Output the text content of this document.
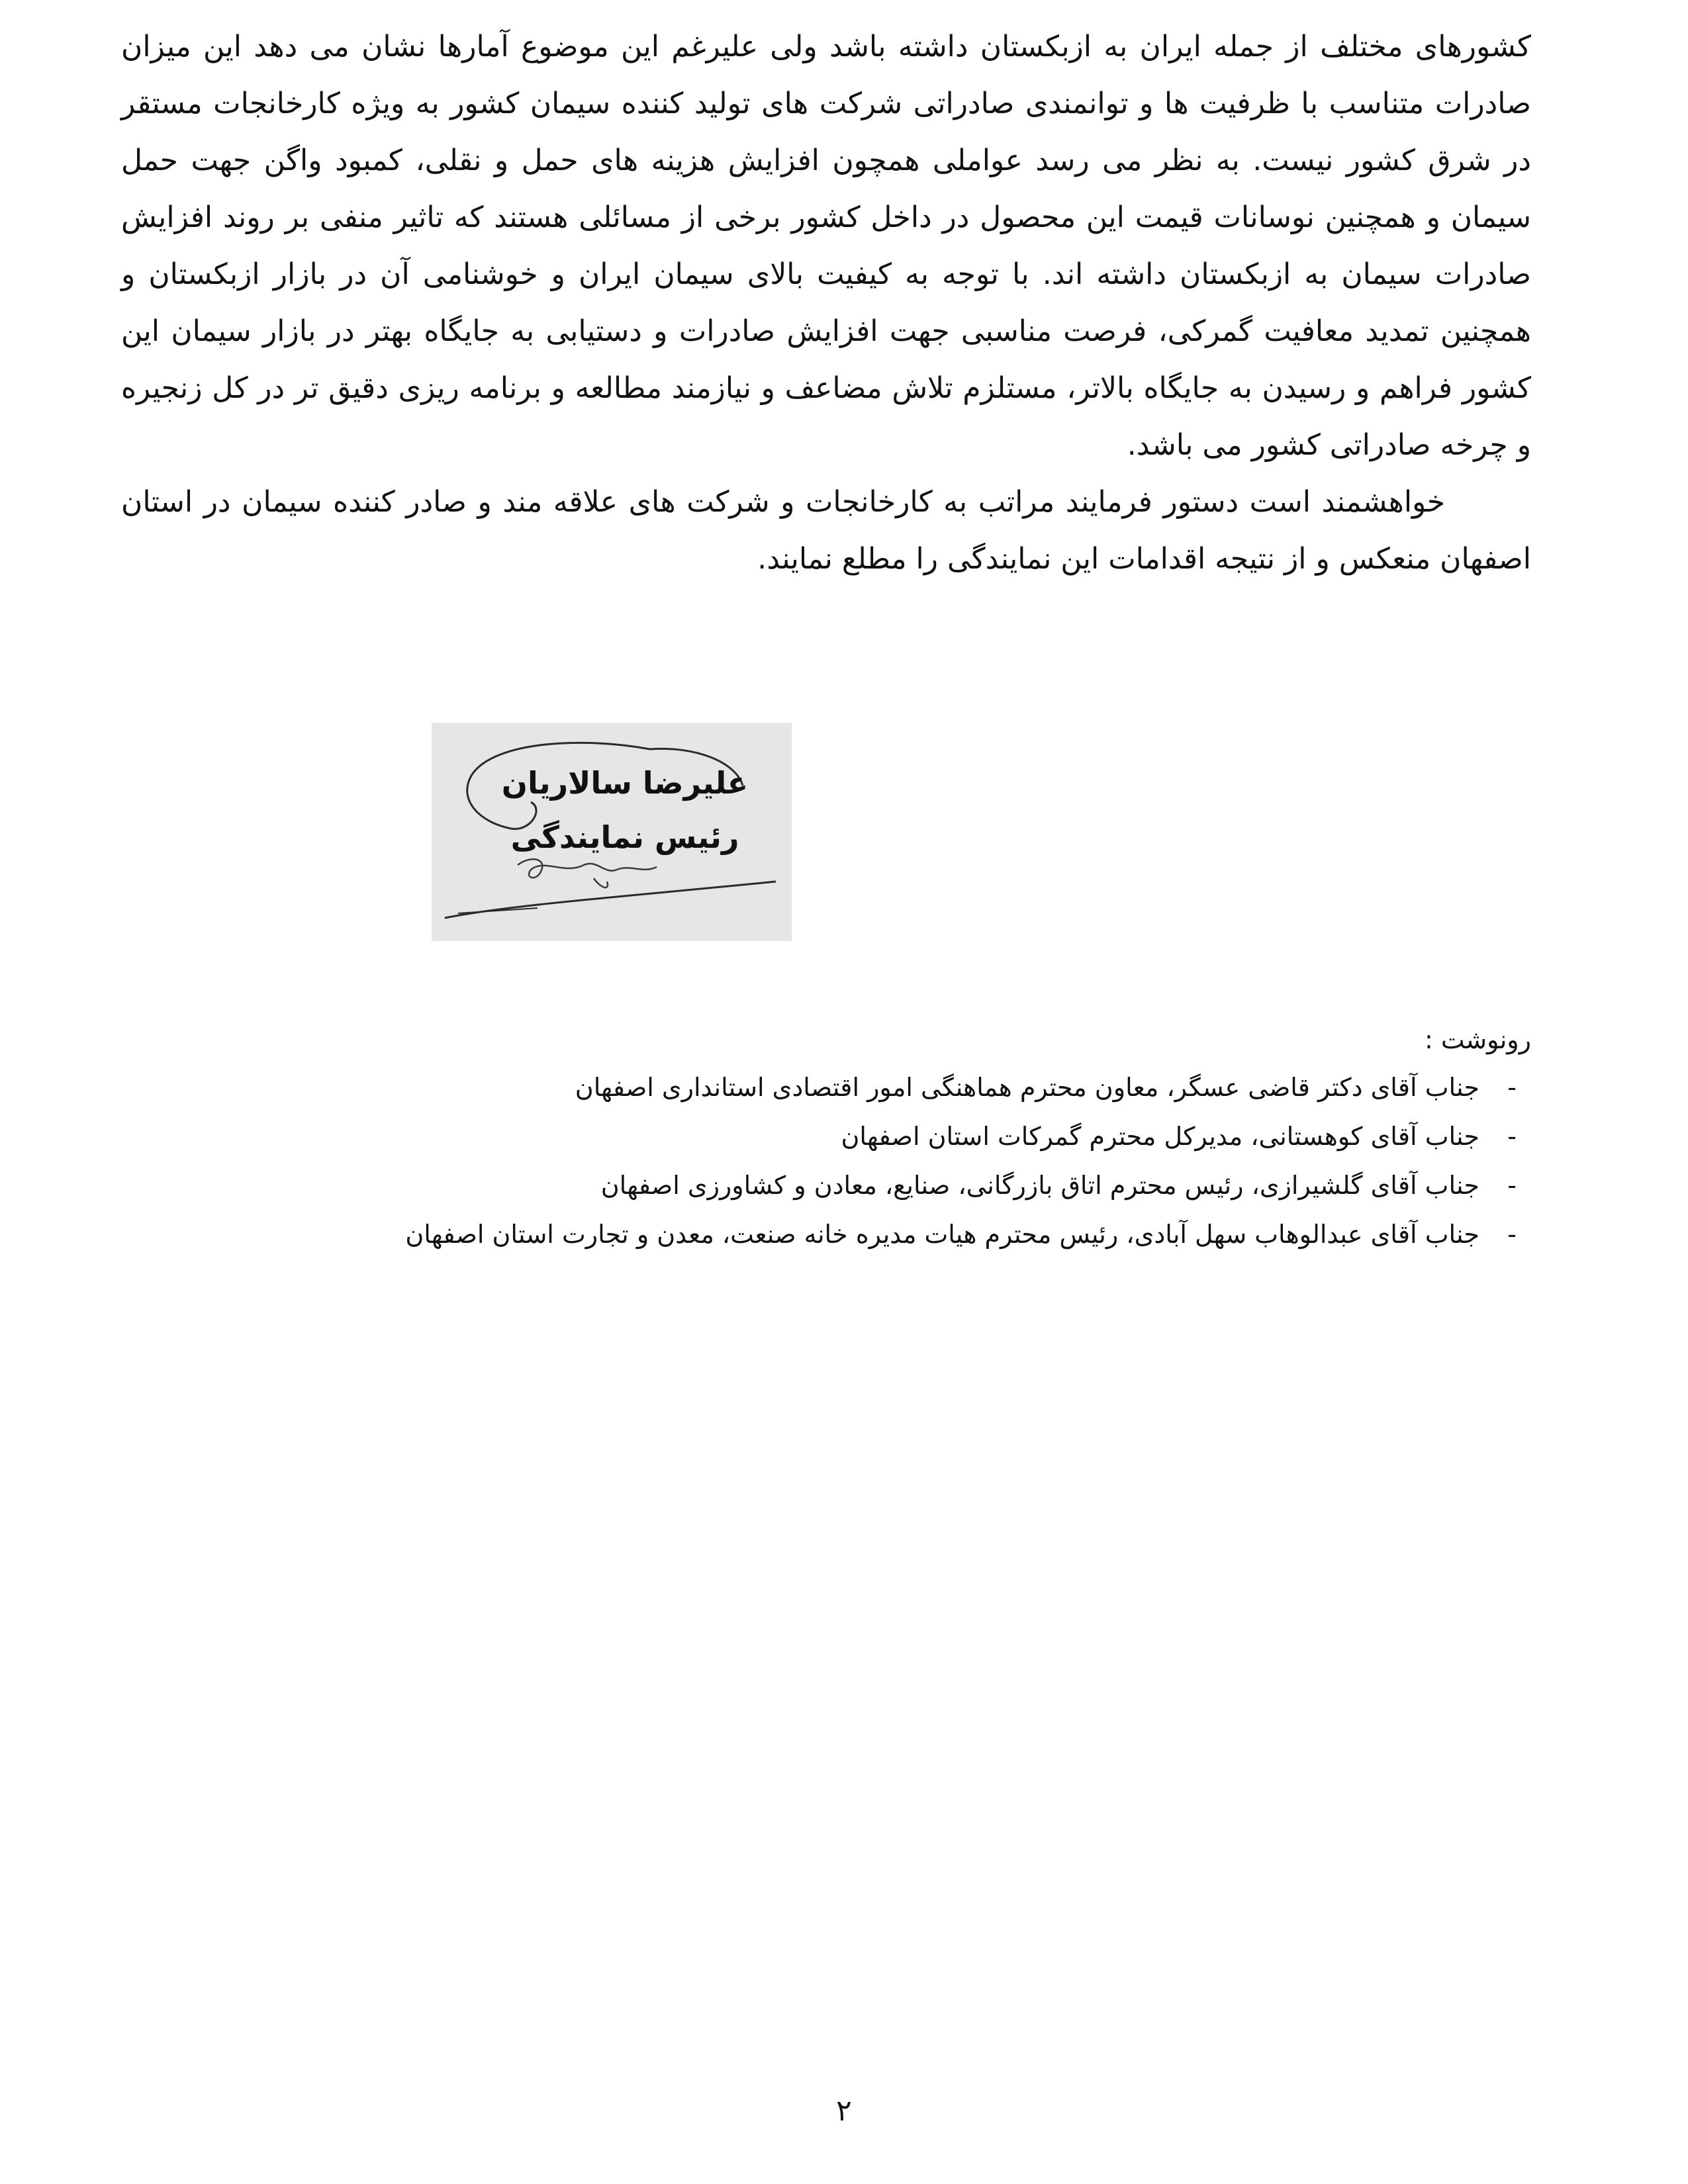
کشورهای مختلف از جمله ایران به ازبکستان داشته باشد ولی علیرغم این موضوع آمارها نشان می دهد این میزان صادرات متناسب با ظرفیت ها و توانمندی صادراتی شرکت های تولید کننده سیمان کشور به ویژه کارخانجات مستقر در شرق کشور نیست. به نظر می رسد عواملی همچون افزایش هزینه های حمل و نقلی، کمبود واگن جهت حمل سیمان و همچنین نوسانات قیمت این محصول در داخل کشور برخی از مسائلی هستند که تاثیر منفی بر روند افزایش صادرات سیمان به ازبکستان داشته اند. با توجه به کیفیت بالای سیمان ایران و خوشنامی آن در بازار ازبکستان و همچنین تمدید معافیت گمرکی، فرصت مناسبی جهت افزایش صادرات و دستیابی به جایگاه بهتر در بازار سیمان این کشور فراهم و رسیدن به جایگاه بالاتر، مستلزم تلاش مضاعف و نیازمند مطالعه و برنامه ریزی دقیق تر در کل زنجیره و چرخه صادراتی کشور می باشد.

خواهشمند است دستور فرمایند مراتب به کارخانجات و شرکت های علاقه مند و صادر کننده سیمان در استان اصفهان منعکس و از نتیجه اقدامات این نمایندگی را مطلع نمایند.

علیرضا سالاریان
رئیس نمایندگی
رونوشت :
-جناب آقای دکتر قاضی عسگر، معاون محترم هماهنگی امور اقتصادی استانداری اصفهان
-جناب آقای کوهستانی، مدیرکل محترم گمرکات استان اصفهان
-جناب آقای گلشیرازی، رئیس محترم اتاق بازرگانی، صنایع، معادن و کشاورزی اصفهان
-جناب آقای عبدالوهاب سهل آبادی، رئیس محترم هیات مدیره خانه صنعت، معدن و تجارت استان اصفهان
۲
